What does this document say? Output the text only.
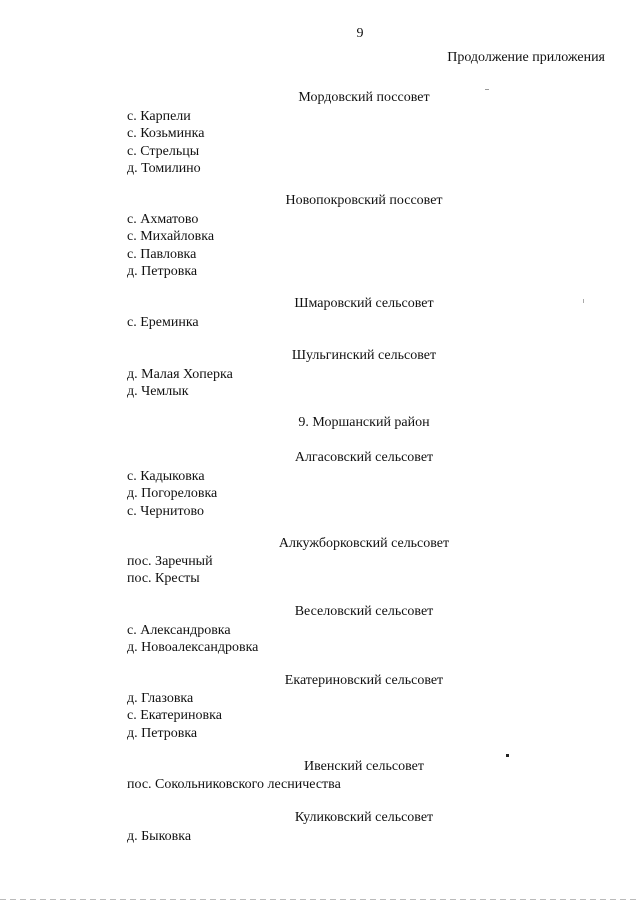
9
Продолжение приложения
Мордовский поссовет
с. Карпели
с. Козьминка
с. Стрельцы
д. Томилино
Новопокровский поссовет
с. Ахматово
с. Михайловка
с. Павловка
д. Петровка
Шмаровский сельсовет
с. Ереминка
Шульгинский сельсовет
д. Малая Хоперка
д. Чемлык
9. Моршанский район
Алгасовский сельсовет
с. Кадыковка
д. Погореловка
с. Чернитово
Алкужборковский сельсовет
пос. Заречный
пос. Кресты
Веселовский сельсовет
с. Александровка
д. Новоалександровка
Екатериновский сельсовет
д. Глазовка
с. Екатериновка
д. Петровка
Ивенский сельсовет
пос. Сокольниковского лесничества
Куликовский сельсовет
д. Быковка
